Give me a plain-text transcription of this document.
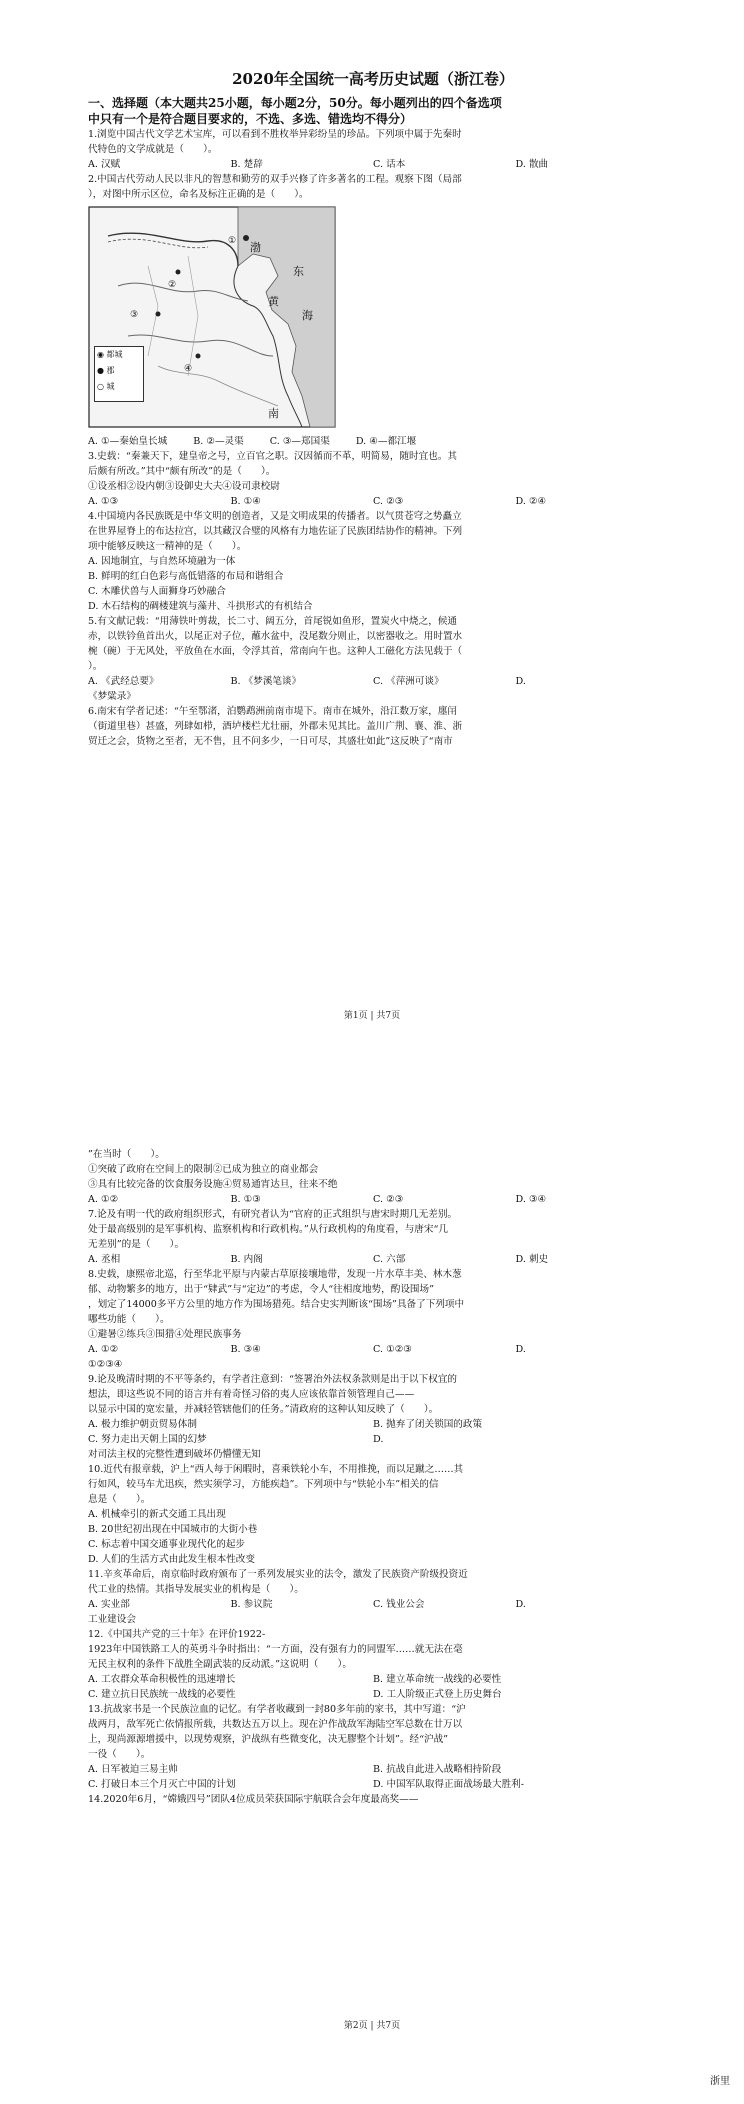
2020年全国统一高考历史试题（浙江卷）

一、选择题（本大题共25小题，每小题2分，50分。每小题列出的四个备选项

中只有一个是符合题目要求的，不选、多选、错选均不得分）

1.浏览中国古代文学艺术宝库，可以看到不胜枚举异彩纷呈的珍品。下列项中属于先秦时

代特色的文学成就是（　　）。

A. 汉赋	B. 楚辞	C. 话本	D. 散曲

2.中国古代劳动人民以非凡的智慧和勤劳的双手兴修了许多著名的工程。观察下图（局部

），对图中所示区位，命名及标注正确的是（　　）。

渤
东
海
黄
南
①
②
③
④
◉ 都城
● 郡
○ 城
A. ①—秦始皇长城	B. ②—灵渠	C. ③—郑国渠	D. ④—都江堰

3.史载：“秦兼天下，建皇帝之号，立百官之职。汉因循而不革，明简易，随时宜也。其

后颇有所改。”其中“颇有所改”的是（　　）。

①设丞相②设内朝③设御史大夫④设司隶校尉

A. ①③	B. ①④	C. ②③	D. ②④

4.中国境内各民族既是中华文明的创造者，又是文明成果的传播者。以气贯苍穹之势矗立

在世界屋脊上的布达拉宫，以其藏汉合璧的风格有力地佐证了民族团结协作的精神。下列

项中能够反映这一精神的是（　　）。

A. 因地制宜，与自然环境融为一体

B. 鲜明的红白色彩与高低错落的布局和谐组合

C. 木雕伏兽与人面狮身巧妙融合

D. 木石结构的碉楼建筑与藻井、斗拱形式的有机结合

5.有文献记载：“用薄铁叶剪裁，长二寸、阔五分，首尾锐如鱼形，置炭火中烧之，候通

赤，以铁钤鱼首出火，以尾正对子位，蘸水盆中，没尾数分则止，以密器收之。用时置水

椀（碗）于无风处，平放鱼在水面，令浮其首，常南向午也。这种人工磁化方法见载于（

）。

A. 《武经总要》	B. 《梦溪笔谈》	C. 《萍洲可谈》	D.

《梦粱录》

6.南宋有学者记述：“午至鄂渚，泊鹦鹉洲前南市堤下。南市在城外，沿江数万家，廛闬

（街道里巷）甚盛，列肆如栉，酒垆楼栏尤壮丽，外郡未见其比。盖川广荆、襄、淮、浙

贸迁之会，货物之至者，无不售，且不问多少，一日可尽，其盛壮如此”这反映了“南市

第1页 | 共7页

”在当时（　　）。

①突破了政府在空间上的限制②已成为独立的商业都会

③具有比较完备的饮食服务设施④贸易通宵达旦，往来不绝

A. ①②	B. ①③	C. ②③	D. ③④

7.论及有明一代的政府组织形式，有研究者认为“官府的正式组织与唐宋时期几无差别。

处于最高级别的是军事机构、监察机构和行政机构。”从行政机构的角度看，与唐宋“几

无差别”的是（　　）。

A. 丞相	B. 内阁	C. 六部	D. 刺史

8.史载，康熙帝北巡，行至华北平原与内蒙古草原接壤地带，发现一片水草丰美、林木葱

郁、动物繁多的地方，出于“肄武”与“定边”的考虑，令人“往相度地势，酌设围场”

，划定了14000多平方公里的地方作为围场猎苑。结合史实判断该“围场”具备了下列项中

哪些功能（　　）。

①避暑②练兵③围猎④处理民族事务

A. ①②	B. ③④	C. ①②③	D.

①②③④

9.论及晚清时期的不平等条约，有学者注意到：“签署治外法权条款则是出于以下权宜的

想法，即这些说不同的语言并有着奇怪习俗的夷人应该依靠首领管理自己——

以显示中国的宽宏量，并减轻管辖他们的任务。”清政府的这种认知反映了（　　）。

A. 极力维护朝贡贸易体制	B. 抛弃了闭关锁国的政策
C. 努力走出天朝上国的幻梦	D.

对司法主权的完整性遭到破坏仍懵懂无知

10.近代有报章载，沪上“西人每于闲暇时，喜乘铁轮小车，不用推挽，而以足蹴之……其

行如风，较马车尤迅疾，然实须学习，方能疾趋”。下列项中与“铁轮小车”相关的信

息是（　　）。

A. 机械牵引的新式交通工具出现

B. 20世纪初出现在中国城市的大街小巷

C. 标志着中国交通事业现代化的起步

D. 人们的生活方式由此发生根本性改变

11.辛亥革命后，南京临时政府颁布了一系列发展实业的法令，激发了民族资产阶级投资近

代工业的热情。其指导发展实业的机构是（　　）。

A. 实业部	B. 参议院	C. 钱业公会	D.

工业建设会

12.《中国共产党的三十年》在评价1922-

1923年中国铁路工人的英勇斗争时指出：“一方面，没有强有力的同盟军……就无法在毫

无民主权利的条件下战胜全副武装的反动派。”这说明（　　）。

A. 工农群众革命积极性的迅速增长	B. 建立革命统一战线的必要性
C. 建立抗日民族统一战线的必要性	D. 工人阶级正式登上历史舞台

13.抗战家书是一个民族泣血的记忆。有学者收藏到一封80多年前的家书，其中写道：“沪

战两月，敌军死亡依情报所载，共数达五万以上。现在沪作战敌军海陆空军总数在廿万以

上，现尚源源增援中，以现势观察，沪战纵有些微变化，决无膠整个计划”。经“沪战”

一役（　　）。

A. 日军被迫三易主帅	B. 抗战自此进入战略相持阶段
C. 打破日本三个月灭亡中国的计划	D. 中国军队取得正面战场最大胜利-

14.2020年6月，“嫦娥四号”团队4位成员荣获国际宇航联合会年度最高奖——

第2页 | 共7页
浙里
